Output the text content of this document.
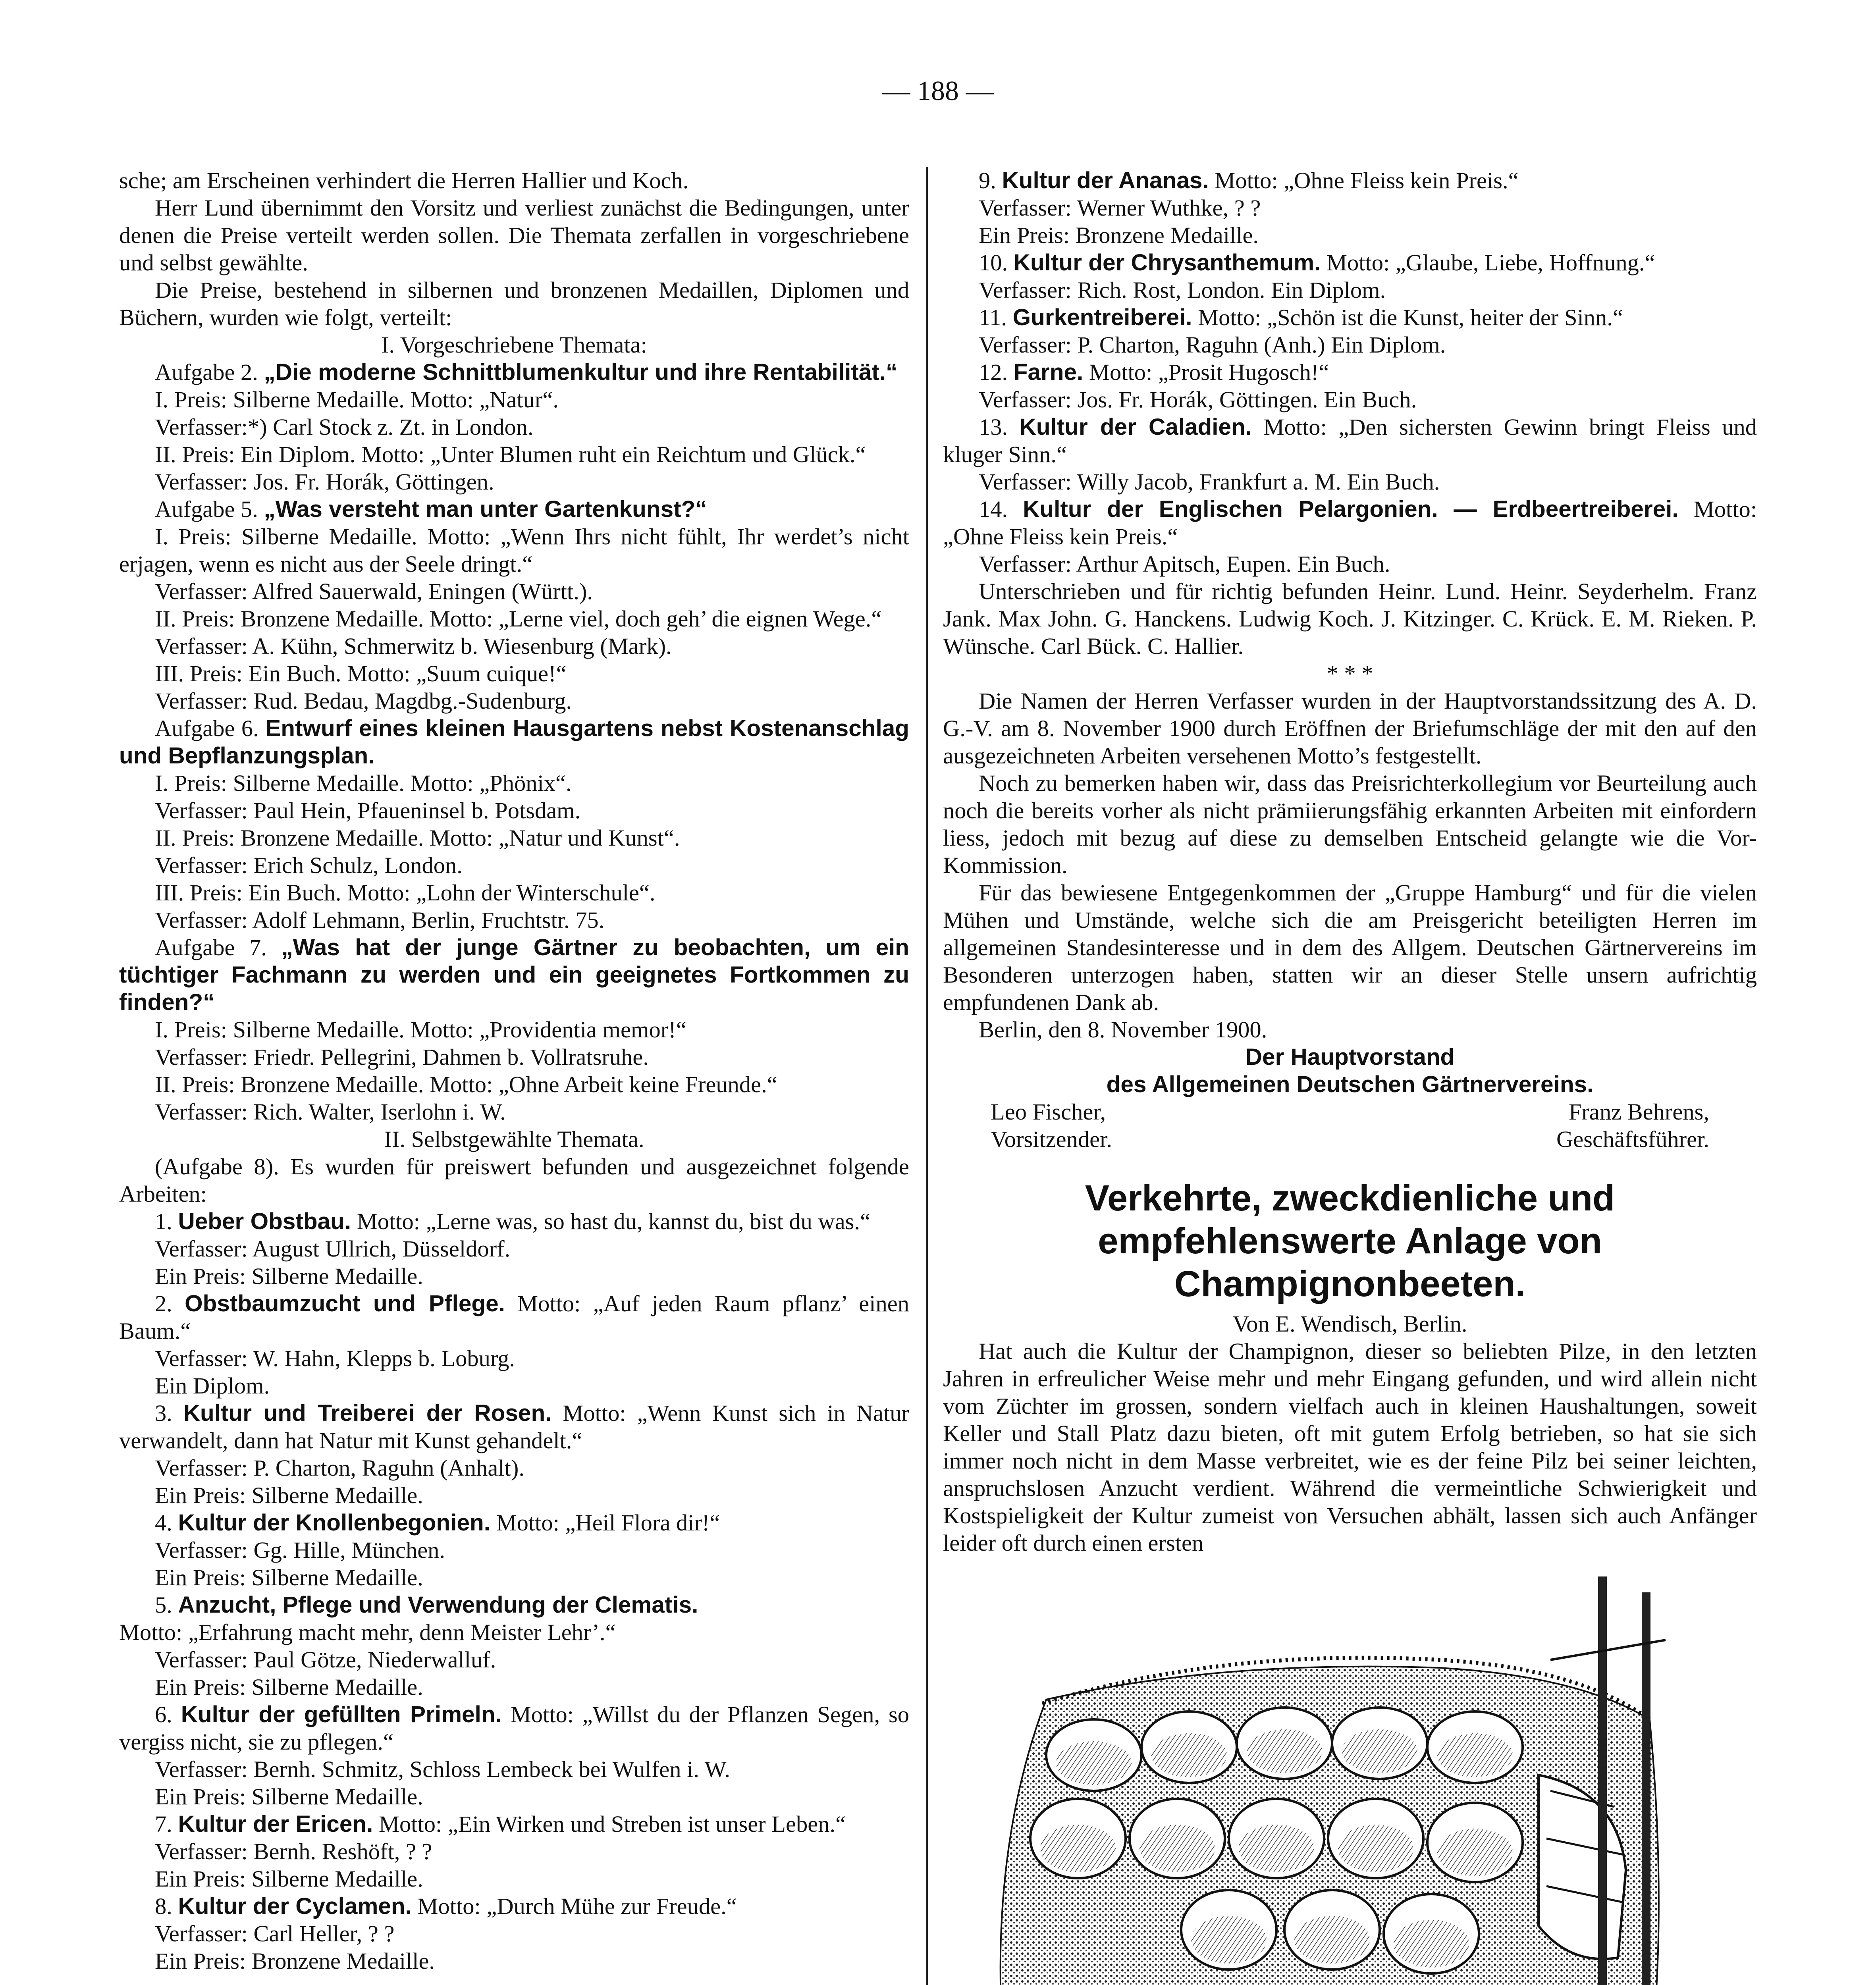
— 188 —

sche; am Erscheinen verhindert die Herren Hallier und Koch.

Herr Lund übernimmt den Vorsitz und verliest zunächst die Bedingungen, unter denen die Preise verteilt werden sollen. Die Themata zerfallen in vorgeschriebene und selbst gewählte.

Die Preise, bestehend in silbernen und bronzenen Medaillen, Diplomen und Büchern, wurden wie folgt, verteilt:

I. Vorgeschriebene Themata:

Aufgabe 2. „Die moderne Schnittblumenkultur und ihre Rentabilität.“

I. Preis: Silberne Medaille. Motto: „Natur“.

Verfasser:*) Carl Stock z. Zt. in London.

II. Preis: Ein Diplom. Motto: „Unter Blumen ruht ein Reichtum und Glück.“

Verfasser: Jos. Fr. Horák, Göttingen.

Aufgabe 5. „Was versteht man unter Gartenkunst?“

I. Preis: Silberne Medaille. Motto: „Wenn Ihrs nicht fühlt, Ihr werdet’s nicht erjagen, wenn es nicht aus der Seele dringt.“

Verfasser: Alfred Sauerwald, Eningen (Württ.).

II. Preis: Bronzene Medaille. Motto: „Lerne viel, doch geh’ die eignen Wege.“

Verfasser: A. Kühn, Schmerwitz b. Wiesenburg (Mark).

III. Preis: Ein Buch. Motto: „Suum cuique!“

Verfasser: Rud. Bedau, Magdbg.-Sudenburg.

Aufgabe 6. Entwurf eines kleinen Hausgartens nebst Kostenanschlag und Bepflanzungsplan.

I. Preis: Silberne Medaille. Motto: „Phönix“.

Verfasser: Paul Hein, Pfaueninsel b. Potsdam.

II. Preis: Bronzene Medaille. Motto: „Natur und Kunst“.

Verfasser: Erich Schulz, London.

III. Preis: Ein Buch. Motto: „Lohn der Winterschule“.

Verfasser: Adolf Lehmann, Berlin, Fruchtstr. 75.

Aufgabe 7. „Was hat der junge Gärtner zu beobachten, um ein tüchtiger Fachmann zu werden und ein geeignetes Fortkommen zu finden?“

I. Preis: Silberne Medaille. Motto: „Providentia memor!“

Verfasser: Friedr. Pellegrini, Dahmen b. Vollratsruhe.

II. Preis: Bronzene Medaille. Motto: „Ohne Arbeit keine Freunde.“

Verfasser: Rich. Walter, Iserlohn i. W.

II. Selbstgewählte Themata.

(Aufgabe 8). Es wurden für preiswert befunden und ausgezeichnet folgende Arbeiten:

1. Ueber Obstbau. Motto: „Lerne was, so hast du, kannst du, bist du was.“

Verfasser: August Ullrich, Düsseldorf.

Ein Preis: Silberne Medaille.

2. Obstbaumzucht und Pflege. Motto: „Auf jeden Raum pflanz’ einen Baum.“

Verfasser: W. Hahn, Klepps b. Loburg.

Ein Diplom.

3. Kultur und Treiberei der Rosen. Motto: „Wenn Kunst sich in Natur verwandelt, dann hat Natur mit Kunst gehandelt.“

Verfasser: P. Charton, Raguhn (Anhalt).

Ein Preis: Silberne Medaille.

4. Kultur der Knollenbegonien. Motto: „Heil Flora dir!“

Verfasser: Gg. Hille, München.

Ein Preis: Silberne Medaille.

5. Anzucht, Pflege und Verwendung der Clematis.

Motto: „Erfahrung macht mehr, denn Meister Lehr’.“

Verfasser: Paul Götze, Niederwalluf.

Ein Preis: Silberne Medaille.

6. Kultur der gefüllten Primeln. Motto: „Willst du der Pflanzen Segen, so vergiss nicht, sie zu pflegen.“

Verfasser: Bernh. Schmitz, Schloss Lembeck bei Wulfen i. W.

Ein Preis: Silberne Medaille.

7. Kultur der Ericen. Motto: „Ein Wirken und Streben ist unser Leben.“

Verfasser: Bernh. Reshöft, ? ?

Ein Preis: Silberne Medaille.

8. Kultur der Cyclamen. Motto: „Durch Mühe zur Freude.“

Verfasser: Carl Heller, ? ?

Ein Preis: Bronzene Medaille.

9. Kultur der Ananas. Motto: „Ohne Fleiss kein Preis.“

Verfasser: Werner Wuthke, ? ?

Ein Preis: Bronzene Medaille.

10. Kultur der Chrysanthemum. Motto: „Glaube, Liebe, Hoffnung.“

Verfasser: Rich. Rost, London. Ein Diplom.

11. Gurkentreiberei. Motto: „Schön ist die Kunst, heiter der Sinn.“

Verfasser: P. Charton, Raguhn (Anh.) Ein Diplom.

12. Farne. Motto: „Prosit Hugosch!“

Verfasser: Jos. Fr. Horák, Göttingen. Ein Buch.

13. Kultur der Caladien. Motto: „Den sichersten Gewinn bringt Fleiss und kluger Sinn.“

Verfasser: Willy Jacob, Frankfurt a. M. Ein Buch.

14. Kultur der Englischen Pelargonien. — Erdbeertreiberei. Motto: „Ohne Fleiss kein Preis.“

Verfasser: Arthur Apitsch, Eupen. Ein Buch.

Unterschrieben und für richtig befunden Heinr. Lund. Heinr. Seyderhelm. Franz Jank. Max John. G. Hanckens. Ludwig Koch. J. Kitzinger. C. Krück. E. M. Rieken. P. Wünsche. Carl Bück. C. Hallier.

* * *

Die Namen der Herren Verfasser wurden in der Hauptvorstandssitzung des A. D. G.-V. am 8. November 1900 durch Eröffnen der Briefumschläge der mit den auf den ausgezeichneten Arbeiten versehenen Motto’s festgestellt.

Noch zu bemerken haben wir, dass das Preisrichterkollegium vor Beurteilung auch noch die bereits vorher als nicht prämiierungsfähig erkannten Arbeiten mit einfordern liess, jedoch mit bezug auf diese zu demselben Entscheid gelangte wie die Vor-Kommission.

Für das bewiesene Entgegenkommen der „Gruppe Hamburg“ und für die vielen Mühen und Umstände, welche sich die am Preisgericht beteiligten Herren im allgemeinen Standesinteresse und in dem des Allgem. Deutschen Gärtnervereins im Besonderen unterzogen haben, statten wir an dieser Stelle unsern aufrichtig empfundenen Dank ab.

Berlin, den 8. November 1900.

Der Hauptvorstand

des Allgemeinen Deutschen Gärtnervereins.

Leo Fischer,	Franz Behrens,
Vorsitzender.	Geschäftsführer.
Verkehrte, zweckdienliche und empfehlenswerte Anlage von Champignonbeeten.

Von E. Wendisch, Berlin.

Hat auch die Kultur der Champignon, dieser so beliebten Pilze, in den letzten Jahren in erfreulicher Weise mehr und mehr Eingang gefunden, und wird allein nicht vom Züchter im grossen, sondern vielfach auch in kleinen Haushaltungen, soweit Keller und Stall Platz dazu bieten, oft mit gutem Erfolg betrieben, so hat sie sich immer noch nicht in dem Masse verbreitet, wie es der feine Pilz bei seiner leichten, anspruchslosen Anzucht verdient. Während die vermeintliche Schwierigkeit und Kostspieligkeit der Kultur zumeist von Versuchen abhält, lassen sich auch Anfänger leider oft durch einen ersten
